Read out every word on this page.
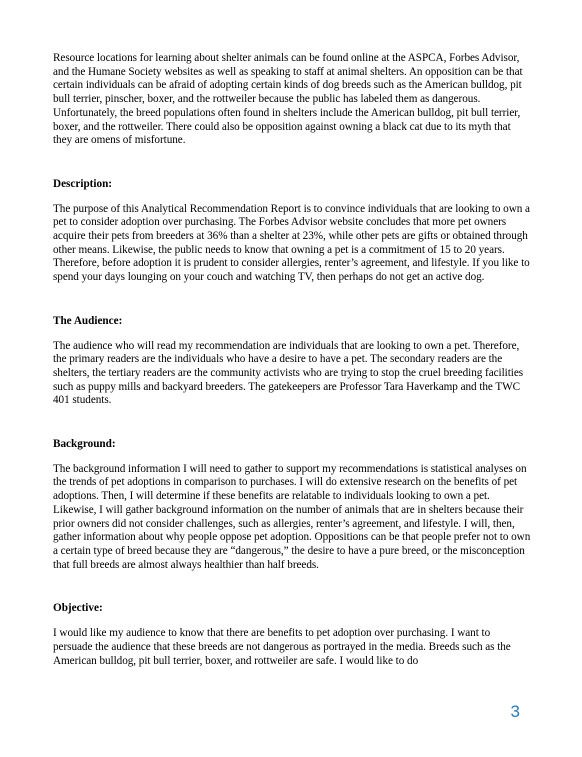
Resource locations for learning about shelter animals can be found online at the ASPCA, Forbes Advisor, and the Humane Society websites as well as speaking to staff at animal shelters. An opposition can be that certain individuals can be afraid of adopting certain kinds of dog breeds such as the American bulldog, pit bull terrier, pinscher, boxer, and the rottweiler because the public has labeled them as dangerous. Unfortunately, the breed populations often found in shelters include the American bulldog, pit bull terrier, boxer, and the rottweiler. There could also be opposition against owning a black cat due to its myth that they are omens of misfortune.

Description:

The purpose of this Analytical Recommendation Report is to convince individuals that are looking to own a pet to consider adoption over purchasing. The Forbes Advisor website concludes that more pet owners acquire their pets from breeders at 36% than a shelter at 23%, while other pets are gifts or obtained through other means. Likewise, the public needs to know that owning a pet is a commitment of 15 to 20 years. Therefore, before adoption it is prudent to consider allergies, renter’s agreement, and lifestyle. If you like to spend your days lounging on your couch and watching TV, then perhaps do not get an active dog.

The Audience:

The audience who will read my recommendation are individuals that are looking to own a pet. Therefore, the primary readers are the individuals who have a desire to have a pet. The secondary readers are the shelters, the tertiary readers are the community activists who are trying to stop the cruel breeding facilities such as puppy mills and backyard breeders. The gatekeepers are Professor Tara Haverkamp and the TWC 401 students.

Background:

The background information I will need to gather to support my recommendations is statistical analyses on the trends of pet adoptions in comparison to purchases. I will do extensive research on the benefits of pet adoptions. Then, I will determine if these benefits are relatable to individuals looking to own a pet. Likewise, I will gather background information on the number of animals that are in shelters because their prior owners did not consider challenges, such as allergies, renter’s agreement, and lifestyle. I will, then, gather information about why people oppose pet adoption. Oppositions can be that people prefer not to own a certain type of breed because they are “dangerous,” the desire to have a pure breed, or the misconception that full breeds are almost always healthier than half breeds.

Objective:

I would like my audience to know that there are benefits to pet adoption over purchasing. I want to persuade the audience that these breeds are not dangerous as portrayed in the media. Breeds such as the American bulldog, pit bull terrier, boxer, and rottweiler are safe. I would like to do

3
